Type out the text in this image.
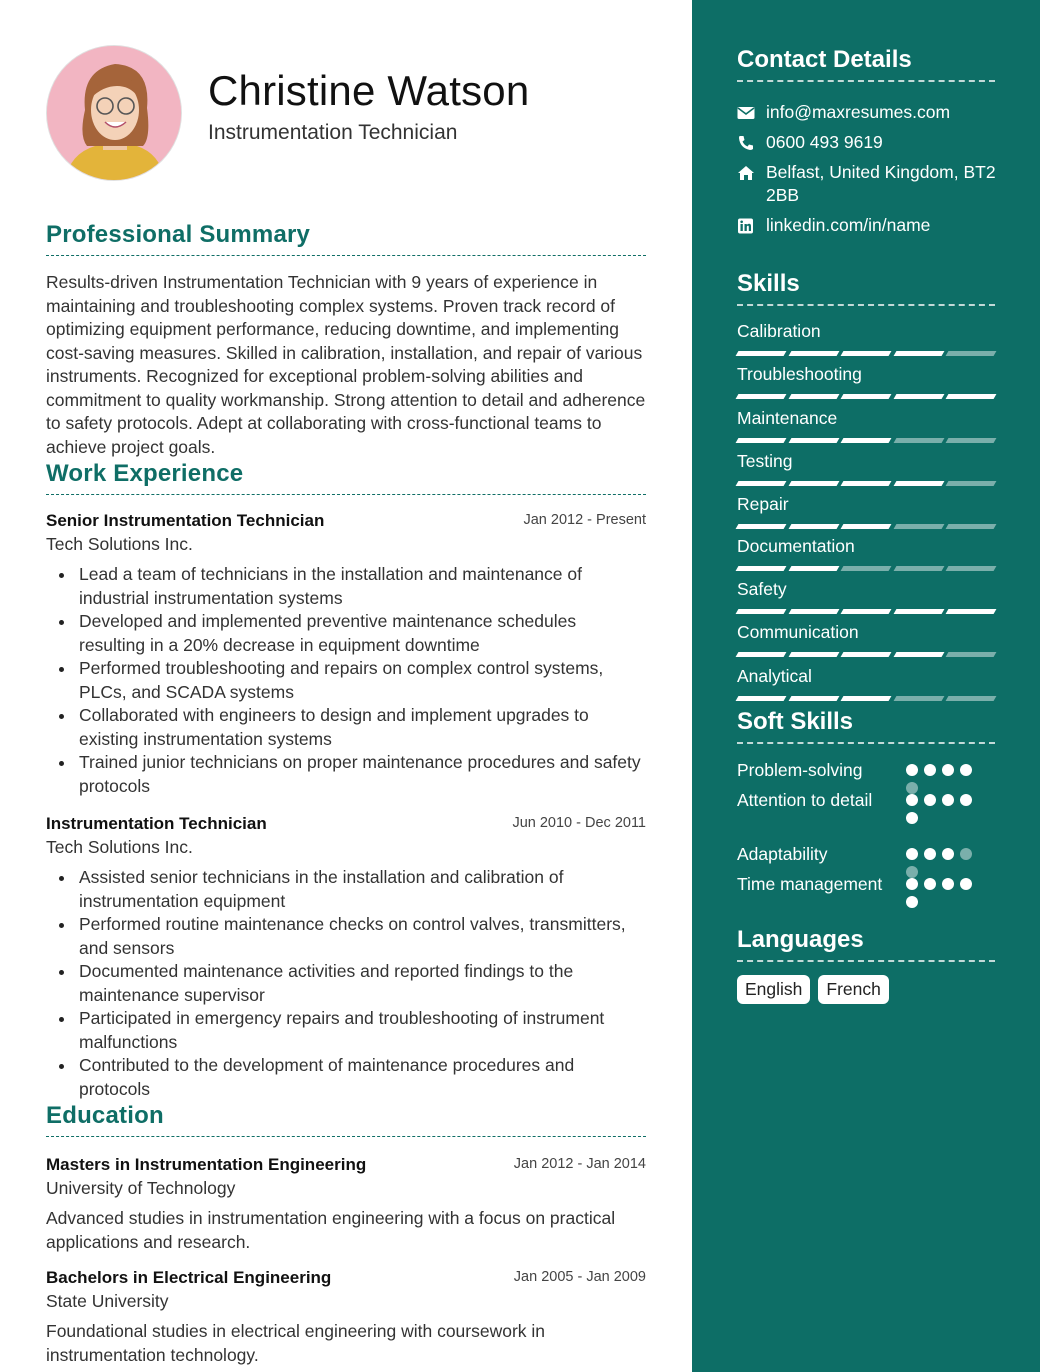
Christine Watson
Instrumentation Technician
Professional Summary
Results-driven Instrumentation Technician with 9 years of experience in maintaining and troubleshooting complex systems. Proven track record of optimizing equipment performance, reducing downtime, and implementing cost-saving measures. Skilled in calibration, installation, and repair of various instruments. Recognized for exceptional problem-solving abilities and commitment to quality workmanship. Strong attention to detail and adherence to safety protocols. Adept at collaborating with cross-functional teams to achieve project goals.
Work Experience
Senior Instrumentation Technician	Jan 2012 - Present
Tech Solutions Inc.
Lead a team of technicians in the installation and maintenance of industrial instrumentation systems
Developed and implemented preventive maintenance schedules resulting in a 20% decrease in equipment downtime
Performed troubleshooting and repairs on complex control systems, PLCs, and SCADA systems
Collaborated with engineers to design and implement upgrades to existing instrumentation systems
Trained junior technicians on proper maintenance procedures and safety protocols
Instrumentation Technician	Jun 2010 - Dec 2011
Tech Solutions Inc.
Assisted senior technicians in the installation and calibration of instrumentation equipment
Performed routine maintenance checks on control valves, transmitters, and sensors
Documented maintenance activities and reported findings to the maintenance supervisor
Participated in emergency repairs and troubleshooting of instrument malfunctions
Contributed to the development of maintenance procedures and protocols
Education
Masters in Instrumentation Engineering	Jan 2012 - Jan 2014
University of Technology
Advanced studies in instrumentation engineering with a focus on practical applications and research.
Bachelors in Electrical Engineering	Jan 2005 - Jan 2009
State University
Foundational studies in electrical engineering with coursework in instrumentation technology.
Contact Details
info@maxresumes.com
0600 493 9619
Belfast, United Kingdom, BT2 2BB
linkedin.com/in/name
Skills
Calibration
Troubleshooting
Maintenance
Testing
Repair
Documentation
Safety
Communication
Analytical
Soft Skills
Problem-solving
Attention to detail
Adaptability
Time management
Languages
English	French
